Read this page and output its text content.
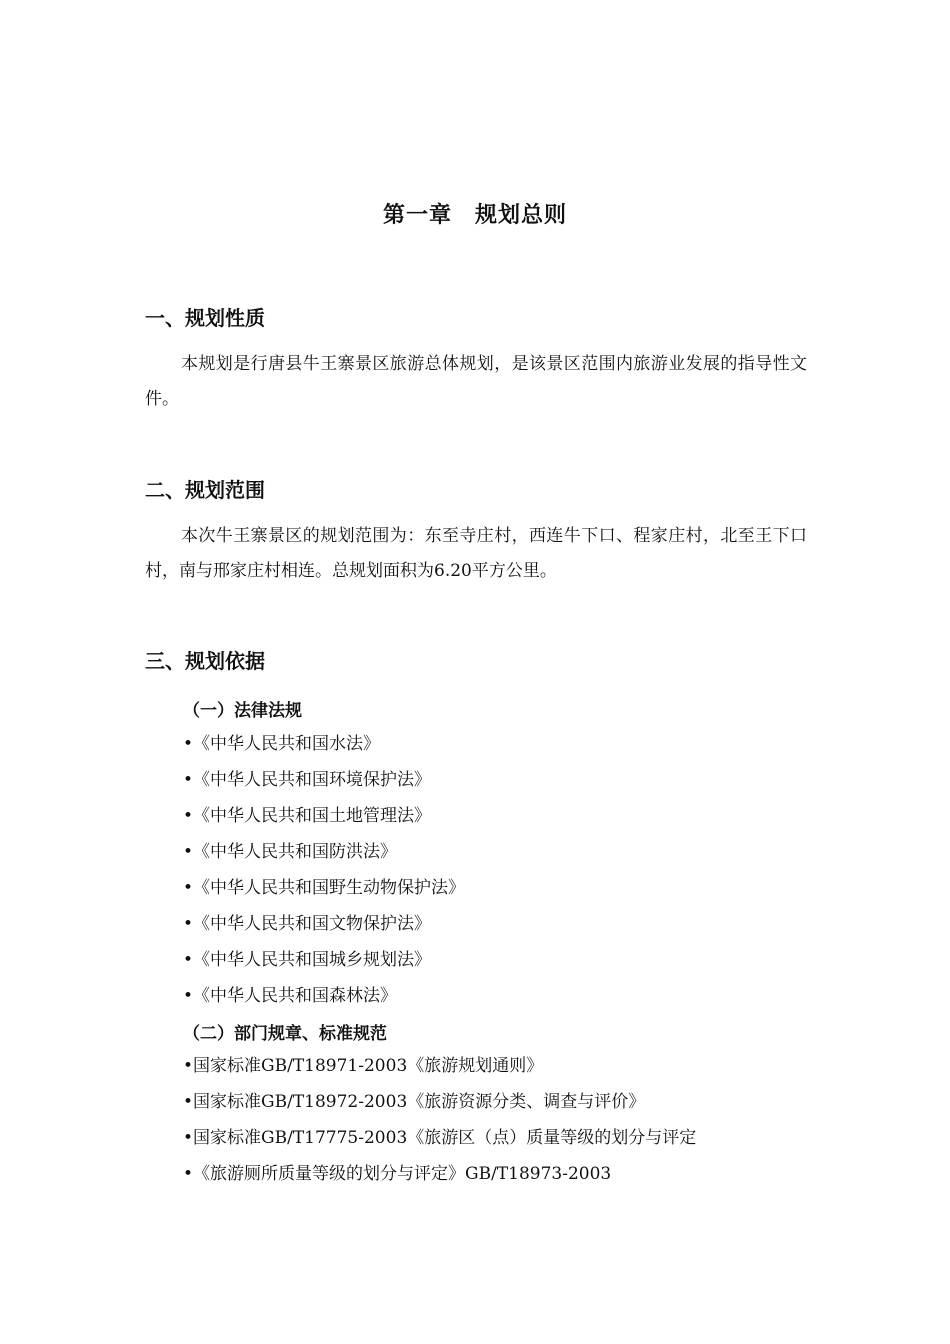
第一章　规划总则
一、规划性质
本规划是行唐县牛王寨景区旅游总体规划，是该景区范围内旅游业发展的指导性文件。
二、规划范围
本次牛王寨景区的规划范围为：东至寺庄村，西连牛下口、程家庄村，北至王下口村，南与邢家庄村相连。总规划面积为6.20平方公里。
三、规划依据
（一）法律法规
•《中华人民共和国水法》
•《中华人民共和国环境保护法》
•《中华人民共和国土地管理法》
•《中华人民共和国防洪法》
•《中华人民共和国野生动物保护法》
•《中华人民共和国文物保护法》
•《中华人民共和国城乡规划法》
•《中华人民共和国森林法》
（二）部门规章、标准规范
•国家标准GB/T18971-2003《旅游规划通则》
•国家标准GB/T18972-2003《旅游资源分类、调查与评价》
•国家标准GB/T17775-2003《旅游区（点）质量等级的划分与评定
•《旅游厕所质量等级的划分与评定》GB/T18973-2003
